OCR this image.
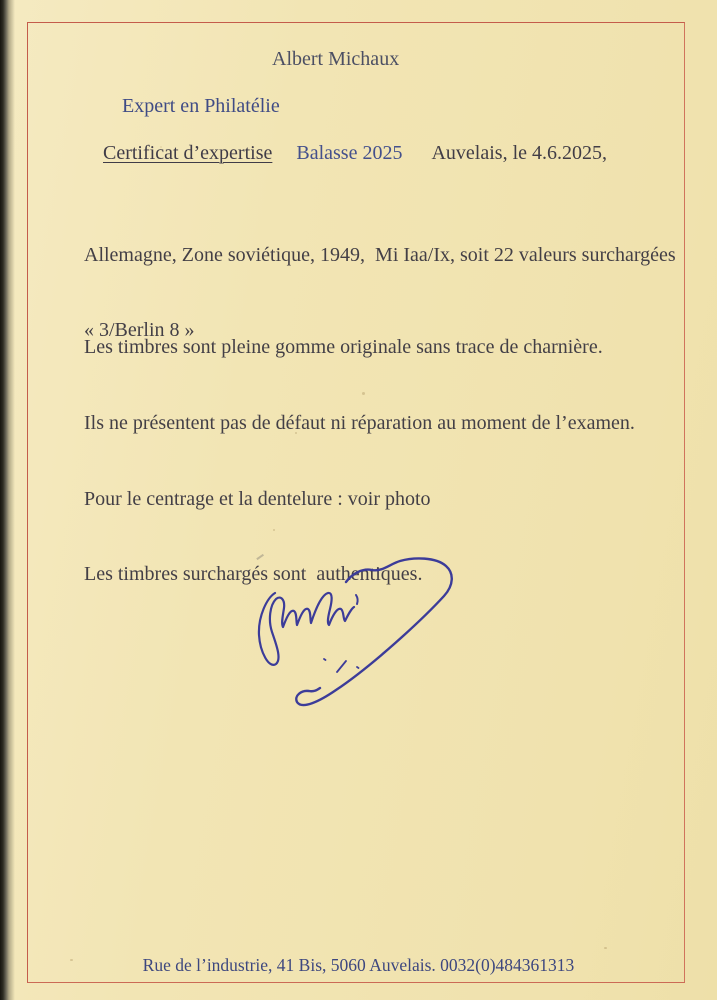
Albert Michaux
Expert en Philatélie
Certificat d’expertise Balasse 2025 Auvelais, le 4.6.2025,

Allemagne, Zone soviétique, 1949,  Mi Iaa/Ix, soit 22 valeurs surchargées

« 3/Berlin 8 »

Les timbres sont pleine gomme originale sans trace de charnière.

Ils ne présentent pas de défaut ni réparation au moment de l’examen.

Pour le centrage et la dentelure : voir photo

Les timbres surchargés sont  authentiques.

Rue de l’industrie, 41 Bis, 5060 Auvelais. 0032(0)484361313
